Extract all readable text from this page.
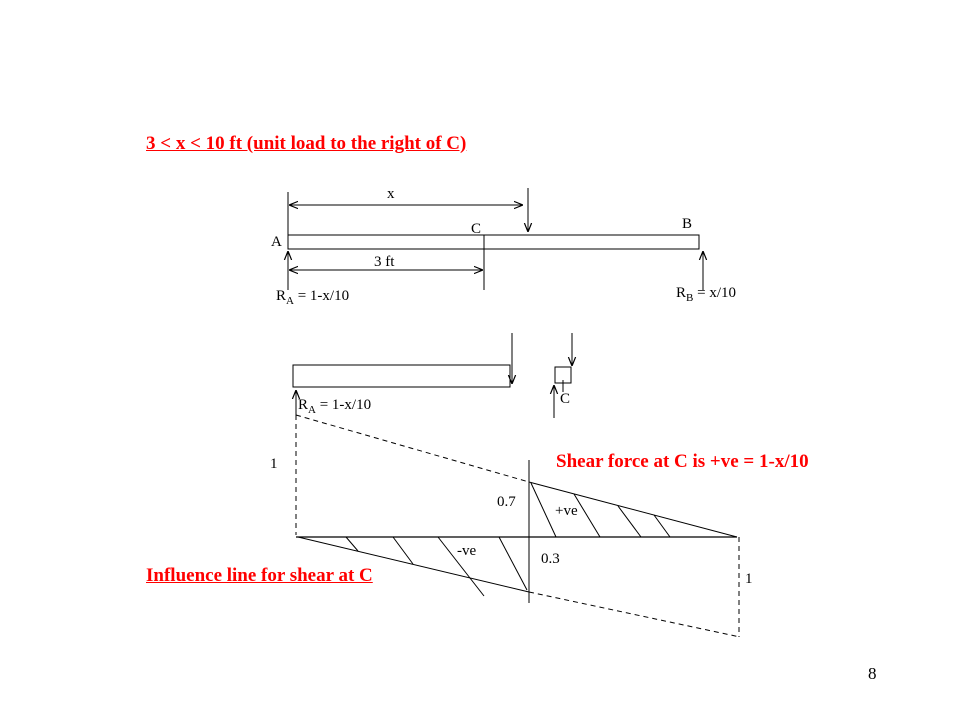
3 < x < 10 ft (unit load to the right of C)
x
A
C	B
3 ft
$R_A = 1-x/10$	$R_B = x/10$
$R_A = 1-x/10$	C
Shear force at C is +ve = 1-x/10
1
0.7
+ve
-ve	0.3
1
Influence line for shear at C
8
